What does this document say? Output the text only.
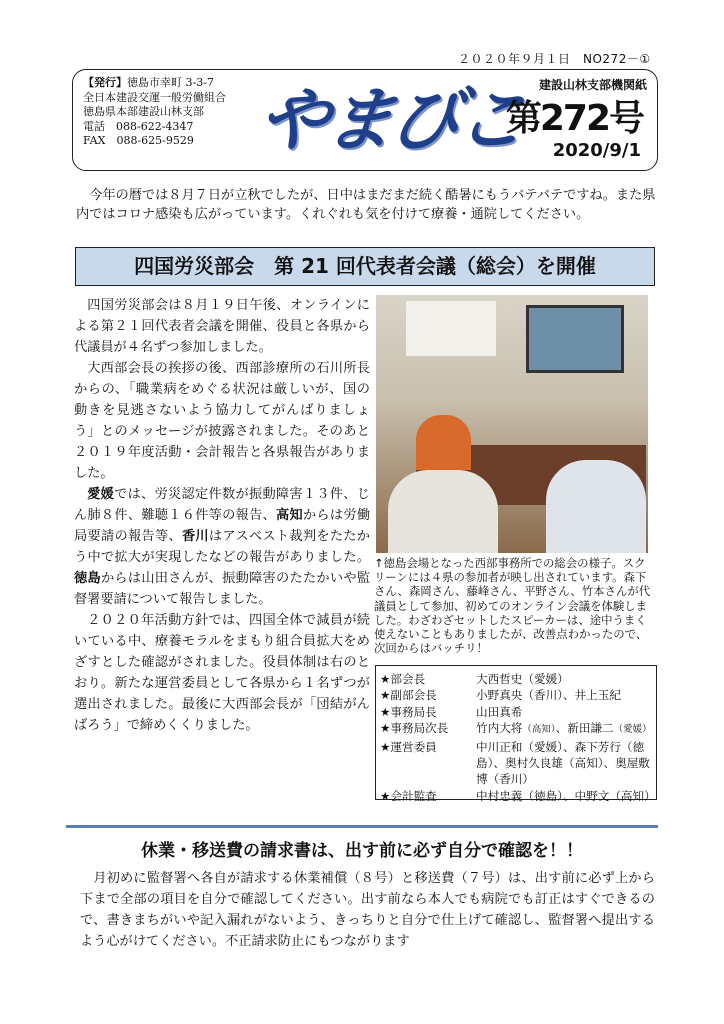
２０２０年９月１日　NO272－①
【発行】徳島市幸町 3-3-7
全日本建設交運一般労働組合
徳島県本部建設山林支部
電話　088-622-4347
FAX　088-625-9529 やまびこ 建設山林支部機関紙
第272号
2020/9/1
今年の暦では８月７日が立秋でしたが、日中はまだまだ続く酷暑にもうバテバテですね。また県内ではコロナ感染も広がっています。くれぐれも気を付けて療養・通院してください。
四国労災部会　第 21 回代表者会議（総会）を開催

四国労災部会は８月１９日午後、オンラインによる第２１回代表者会議を開催、役員と各県から代議員が４名ずつ参加しました。

大西部会長の挨拶の後、西部診療所の石川所長からの、「職業病をめぐる状況は厳しいが、国の動きを見逃さないよう協力してがんばりましょう」とのメッセージが披露されました。そのあと２０１９年度活動・会計報告と各県報告がありました。

愛媛では、労災認定件数が振動障害１３件、じん肺８件、難聴１６件等の報告、高知からは労働局要請の報告等、香川はアスベスト裁判をたたかう中で拡大が実現したなどの報告がありました。徳島からは山田さんが、振動障害のたたかいや監督署要請について報告しました。

２０２０年活動方針では、四国全体で減員が続いている中、療養モラルをまもり組合員拡大をめざすとした確認がされました。役員体制は右のとおり。新たな運営委員として各県から１名ずつが選出されました。最後に大西部会長が「団結がんばろう」で締めくくりました。

↑徳島会場となった西部事務所での総会の様子。スクリーンには４県の参加者が映し出されています。森下さん、森岡さん、藤峰さん、平野さん、竹本さんが代議員として参加、初めてのオンライン会議を体験しました。わざわざセットしたスピーカーは、途中うまく使えないこともありましたが、改善点わかったので、次回からはバッチリ！
★部会長	大西哲史（愛媛）
★副部会長	小野真央（香川）、井上玉紀
★事務局長	山田真希
★事務局次長	竹内大将（高知）、新田謙二（愛媛）
★運営委員	中川正和（愛媛）、森下芳行（徳島）、奥村久良雄（高知）、奥屋敷博（香川）
★会計監査	中村忠義（徳島）、中野文（高知）
休業・移送費の請求書は、出す前に必ず自分で確認を！！
月初めに監督署へ各自が請求する休業補償（８号）と移送費（７号）は、出す前に必ず上から下まで全部の項目を自分で確認してください。出す前なら本人でも病院でも訂正はすぐできるので、書きまちがいや記入漏れがないよう、きっちりと自分で仕上げて確認し、監督署へ提出するよう心がけてください。不正請求防止にもつながります
